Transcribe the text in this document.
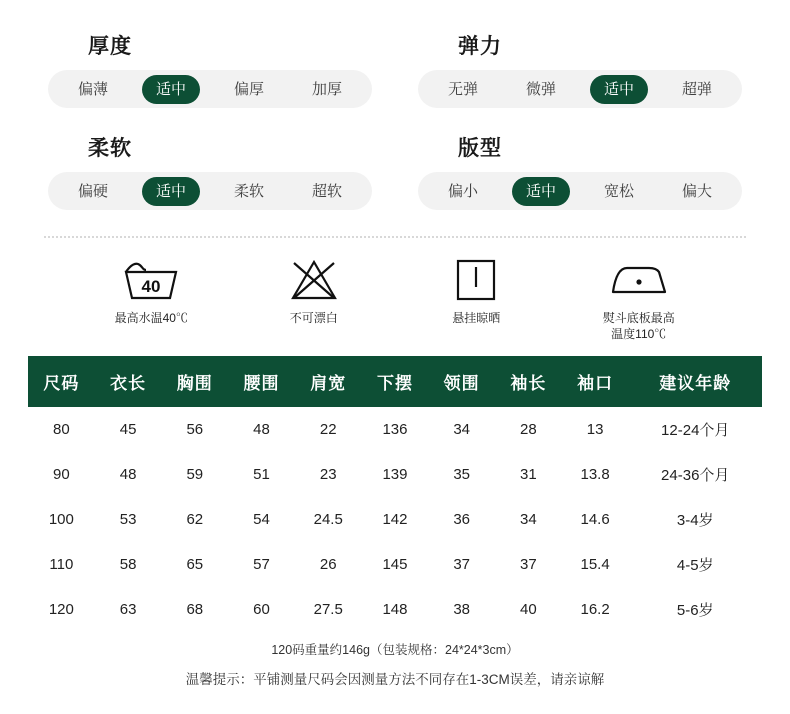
厚度
偏薄	适中	偏厚	加厚
弹力
无弹	微弹	适中	超弹
柔软
偏硬	适中	柔软	超软
版型
偏小	适中	宽松	偏大
40
最高水温40℃	不可漂白	悬挂晾晒	熨斗底板最高
温度110℃
尺码	衣长	胸围	腰围	肩宽	下摆	领围	袖长	袖口	建议年龄
80	45	56	48	22	136	34	28	13	12-24个月
90	48	59	51	23	139	35	31	13.8	24-36个月
100	53	62	54	24.5	142	36	34	14.6	3-4岁
110	58	65	57	26	145	37	37	15.4	4-5岁
120	63	68	60	27.5	148	38	40	16.2	5-6岁
120码重量约146g（包装规格：24*24*3cm）
温馨提示：平铺测量尺码会因测量方法不同存在1-3CM误差，请亲谅解
